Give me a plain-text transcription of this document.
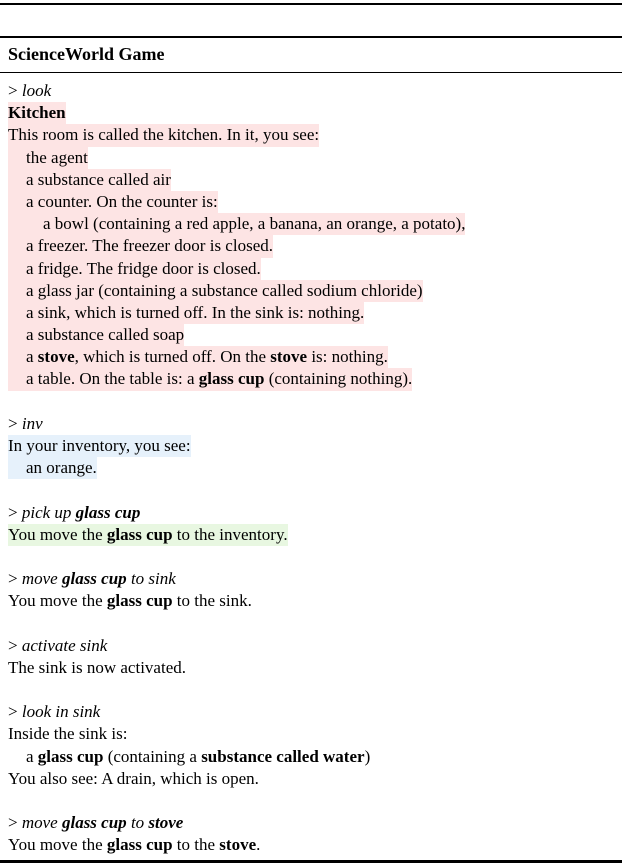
ScienceWorld Game
> look
Kitchen
This room is called the kitchen. In it, you see:
the agent
a substance called air
a counter. On the counter is:
a bowl (containing a red apple, a banana, an orange, a potato),
a freezer. The freezer door is closed.
a fridge. The fridge door is closed.
a glass jar (containing a substance called sodium chloride)
a sink, which is turned off. In the sink is: nothing.
a substance called soap
a stove, which is turned off. On the stove is: nothing.
a table. On the table is: a glass cup (containing nothing).
> inv
In your inventory, you see:
an orange.
> pick up glass cup
You move the glass cup to the inventory.
> move glass cup to sink
You move the glass cup to the sink.
> activate sink
The sink is now activated.
> look in sink
Inside the sink is:
a glass cup (containing a substance called water)
You also see: A drain, which is open.
> move glass cup to stove
You move the glass cup to the stove.
